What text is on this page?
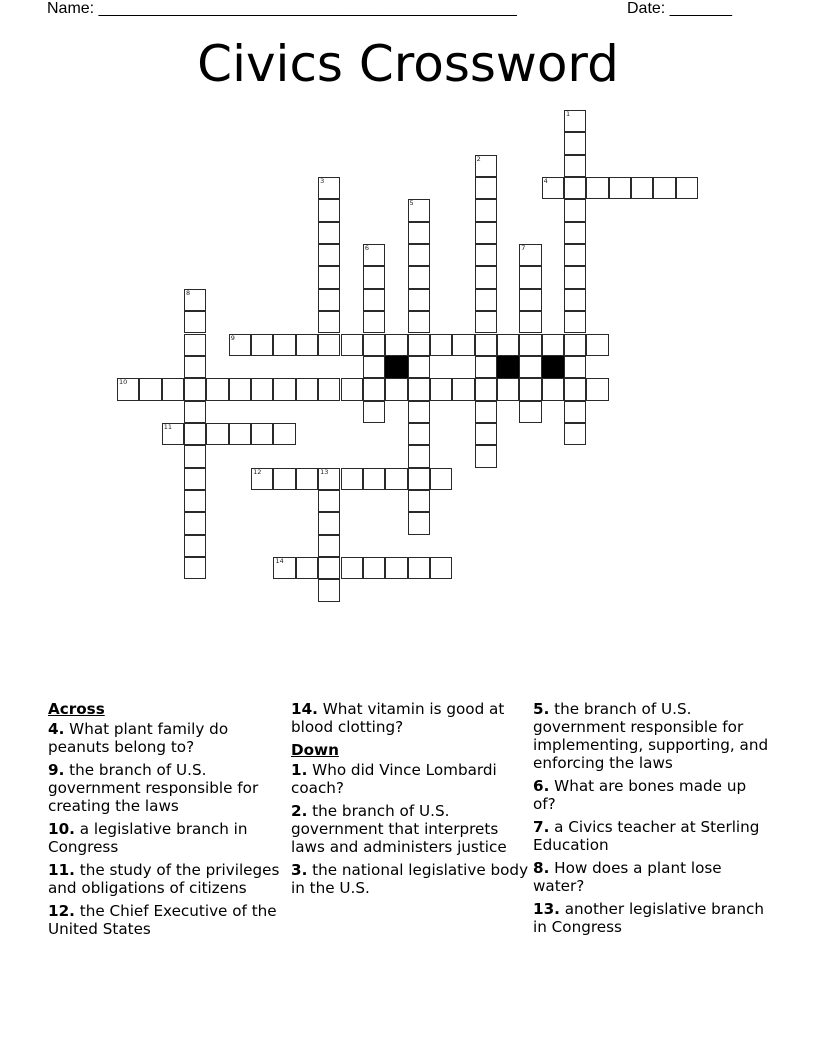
Name: _______________________________________________	Date: _______
Civics Crossword
1
2
3	4
5
6	7
8
9
10
11
12	13
14
Across
4. What plant family do peanuts belong to?
9. the branch of U.S. government responsible for creating the laws
10. a legislative branch in Congress
11. the study of the privileges and obligations of citizens
12. the Chief Executive of the United States
14. What vitamin is good at blood clotting?
Down
1. Who did Vince Lombardi coach?
2. the branch of U.S. government that interprets laws and administers justice
3. the national legislative body in the U.S.
5. the branch of U.S. government responsible for implementing, supporting, and enforcing the laws
6. What are bones made up of?
7. a Civics teacher at Sterling Education
8. How does a plant lose water?
13. another legislative branch in Congress
